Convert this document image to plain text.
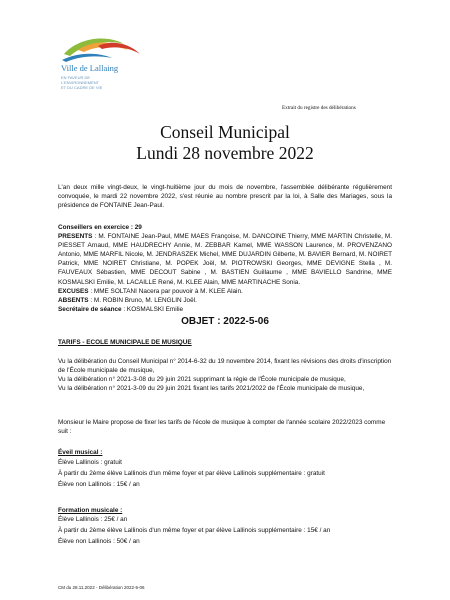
Ville de Lallaing
EN FAVEUR DE L'ENVIRONNEMENT
ET DU CADRE DE VIE
Extrait du registre des délibérations
Conseil Municipal
Lundi 28 novembre 2022
L'an deux mille vingt-deux, le vingt-huitième jour du mois de novembre, l'assemblée délibérante régulièrement convoquée, le mardi 22 novembre 2022, s'est réunie au nombre prescrit par la loi, à Salle des Mariages, sous la présidence de FONTAINE Jean-Paul.
Conseillers en exercice : 29
PRESENTS : M. FONTAINE Jean-Paul, MME MAES Françoise, M. DANCOINE Thierry, MME MARTIN Christelle, M. PIESSET Arnaud, MME HAUDRECHY Annie, M. ZEBBAR Kamel, MME WASSON Laurence, M. PROVENZANO Antonio, MME MARFIL Nicole, M. JENDRASZEK Michel, MME DUJARDIN Gilberte, M. BAVIER Bernard, M. NOIRET Patrick, MME NOIRET Christiane, M. POPEK Joël, M. PIOTROWSKI Georges, MME DEVIGNE Stella , M. FAUVEAUX Sébastien, MME DECOUT Sabine , M. BASTIEN Guillaume , MME BAVIELLO Sandrine, MME KOSMALSKI Emilie, M. LACAILLE René, M. KLEE Alain, MME MARTINACHE Sonia.
EXCUSES : MME SOLTANI Nacera par pouvoir à M. KLEE Alain.
ABSENTS : M. ROBIN Bruno, M. LENGLIN Joël.
Secrétaire de séance : KOSMALSKI Emilie
OBJET : 2022-5-06
TARIFS - ECOLE MUNICIPALE DE MUSIQUE
Vu la délibération du Conseil Municipal n° 2014-6-32 du 19 novembre 2014, fixant les révisions des droits d'inscription de l'École municipale de musique,
Vu la délibération n° 2021-3-08 du 29 juin 2021 supprimant la régie de l'École municipale de musique,
Vu la délibération n° 2021-3-09 du 29 juin 2021 fixant les tarifs 2021/2022 de l'École municipale de musique,
Monsieur le Maire propose de fixer les tarifs de l'école de musique à compter de l'année scolaire 2022/2023 comme suit :
Éveil musical :
Élève Lallinois : gratuit
À partir du 2ème élève Lallinois d'un même foyer et par élève Lallinois supplémentaire : gratuit
Élève non Lallinois : 15€ / an
Formation musicale :
Élève Lallinois : 25€ / an
À partir du 2ème élève Lallinois d'un même foyer et par élève Lallinois supplémentaire : 15€ / an
Élève non Lallinois : 50€ / an
CM du 28.11.2022 - Délibération 2022-5-06
